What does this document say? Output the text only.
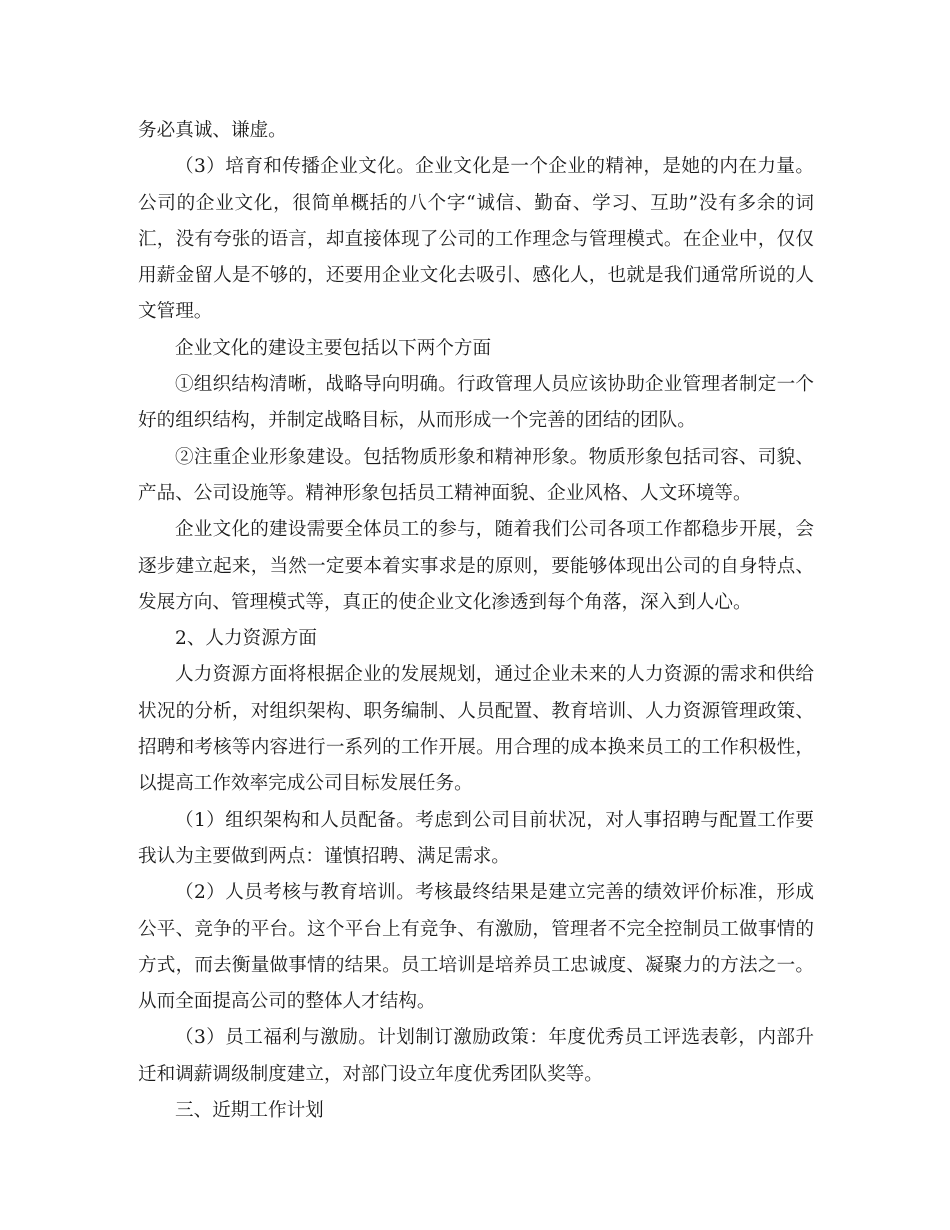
务必真诚、谦虚。

（3）培育和传播企业文化。企业文化是一个企业的精神，是她的内在力量。公司的企业文化，很简单概括的八个字“诚信、勤奋、学习、互助”没有多余的词汇，没有夸张的语言，却直接体现了公司的工作理念与管理模式。在企业中，仅仅用薪金留人是不够的，还要用企业文化去吸引、感化人，也就是我们通常所说的人文管理。

企业文化的建设主要包括以下两个方面

①组织结构清晰，战略导向明确。行政管理人员应该协助企业管理者制定一个好的组织结构，并制定战略目标，从而形成一个完善的团结的团队。

②注重企业形象建设。包括物质形象和精神形象。物质形象包括司容、司貌、产品、公司设施等。精神形象包括员工精神面貌、企业风格、人文环境等。

企业文化的建设需要全体员工的参与，随着我们公司各项工作都稳步开展，会逐步建立起来，当然一定要本着实事求是的原则，要能够体现出公司的自身特点、发展方向、管理模式等，真正的使企业文化渗透到每个角落，深入到人心。

2、人力资源方面

人力资源方面将根据企业的发展规划，通过企业未来的人力资源的需求和供给状况的分析，对组织架构、职务编制、人员配置、教育培训、人力资源管理政策、招聘和考核等内容进行一系列的工作开展。用合理的成本换来员工的工作积极性，以提高工作效率完成公司目标发展任务。

（1）组织架构和人员配备。考虑到公司目前状况，对人事招聘与配置工作要我认为主要做到两点：谨慎招聘、满足需求。

（2）人员考核与教育培训。考核最终结果是建立完善的绩效评价标准，形成公平、竞争的平台。这个平台上有竞争、有激励，管理者不完全控制员工做事情的方式，而去衡量做事情的结果。员工培训是培养员工忠诚度、凝聚力的方法之一。从而全面提高公司的整体人才结构。

（3）员工福利与激励。计划制订激励政策：年度优秀员工评选表彰，内部升迁和调薪调级制度建立，对部门设立年度优秀团队奖等。

三、近期工作计划
